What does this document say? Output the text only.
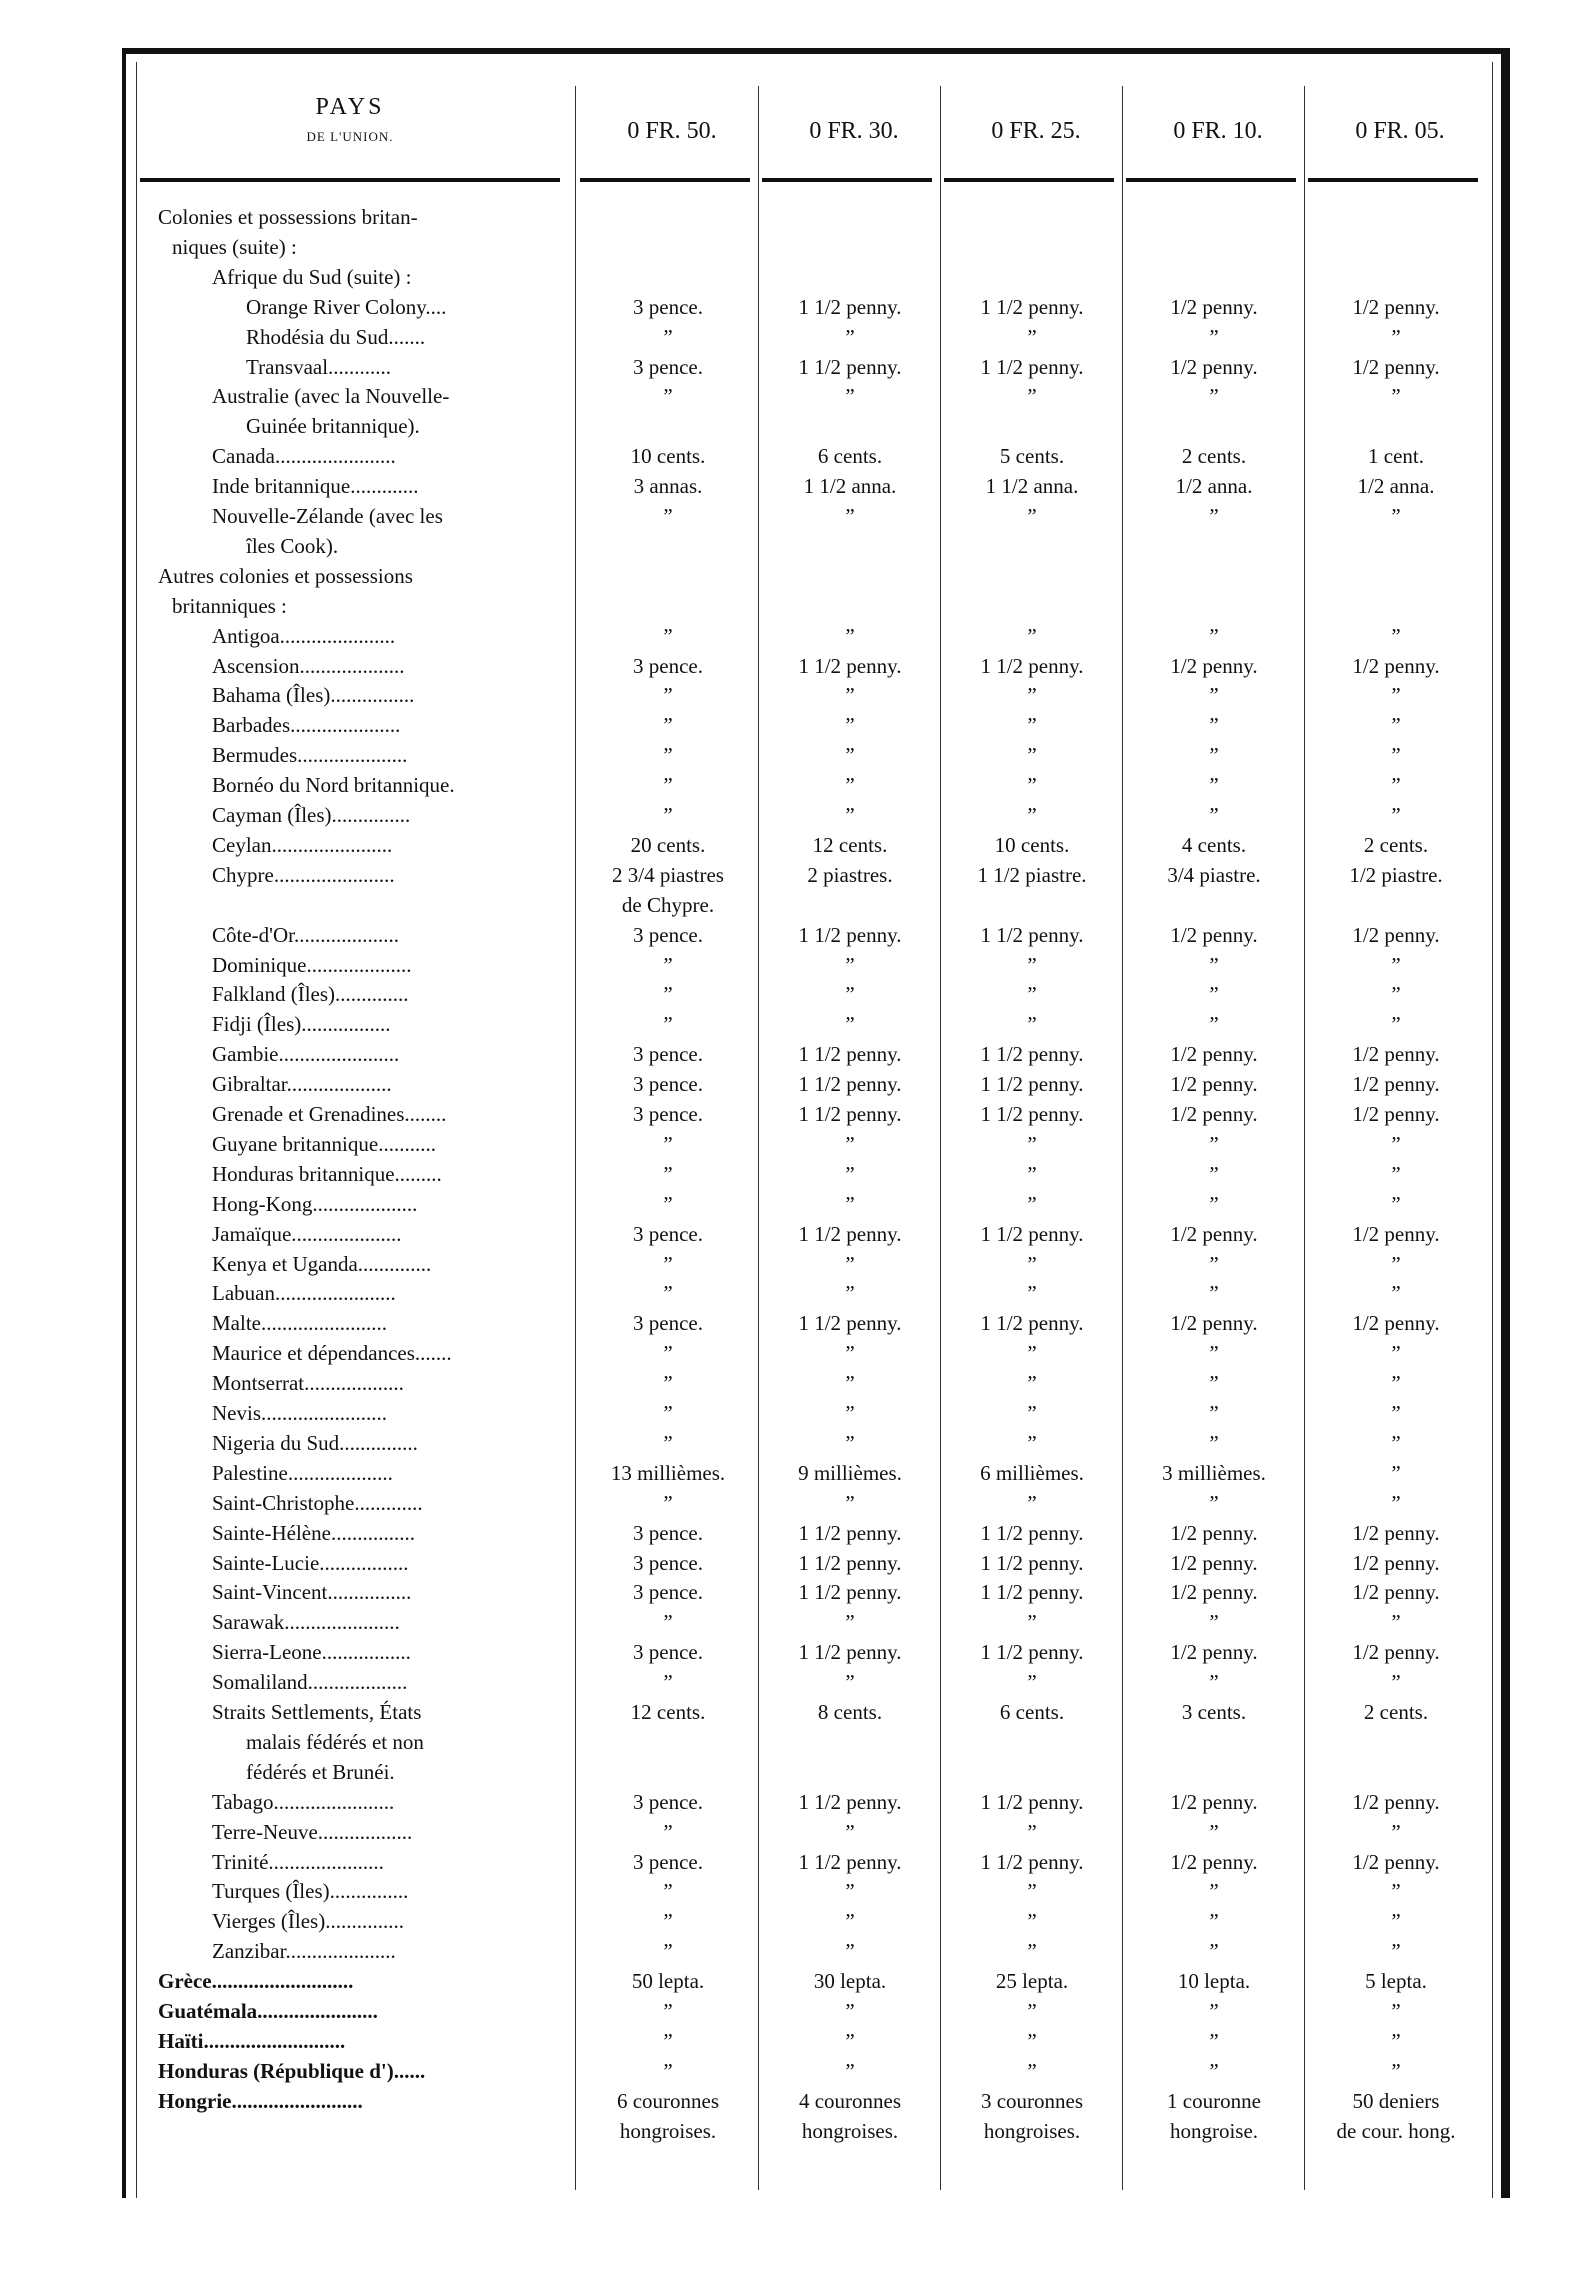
PAYS
DE L'UNION.	0 FR. 50.	0 FR. 30.	0 FR. 25.	0 FR. 10.	0 FR. 05.
Colonies et possessions britan-
niques (suite) :
Afrique du Sud (suite) :
Orange River Colony....	3 pence.	1 1/2 penny.	1 1/2 penny.	1/2 penny.	1/2 penny.
Rhodésia du Sud.......	”	”	”	”	”
Transvaal............	3 pence.	1 1/2 penny.	1 1/2 penny.	1/2 penny.	1/2 penny.
Australie (avec la Nouvelle-	”	”	”	”	”
Guinée britannique).
Canada.......................	10 cents.	6 cents.	5 cents.	2 cents.	1 cent.
Inde britannique.............	3 annas.	1 1/2 anna.	1 1/2 anna.	1/2 anna.	1/2 anna.
Nouvelle-Zélande (avec les	”	”	”	”	”
îles Cook).
Autres colonies et possessions
britanniques :
Antigoa......................	”	”	”	”	”
Ascension....................	3 pence.	1 1/2 penny.	1 1/2 penny.	1/2 penny.	1/2 penny.
Bahama (Îles)................	”	”	”	”	”
Barbades.....................	”	”	”	”	”
Bermudes.....................	”	”	”	”	”
Bornéo du Nord britannique.	”	”	”	”	”
Cayman (Îles)...............	”	”	”	”	”
Ceylan.......................	20 cents.	12 cents.	10 cents.	4 cents.	2 cents.
Chypre.......................	2 3/4 piastres	2 piastres.	1 1/2 piastre.	3/4 piastre.	1/2 piastre.
de Chypre.
Côte-d'Or....................	3 pence.	1 1/2 penny.	1 1/2 penny.	1/2 penny.	1/2 penny.
Dominique....................	”	”	”	”	”
Falkland (Îles)..............	”	”	”	”	”
Fidji (Îles).................	”	”	”	”	”
Gambie.......................	3 pence.	1 1/2 penny.	1 1/2 penny.	1/2 penny.	1/2 penny.
Gibraltar....................	3 pence.	1 1/2 penny.	1 1/2 penny.	1/2 penny.	1/2 penny.
Grenade et Grenadines........	3 pence.	1 1/2 penny.	1 1/2 penny.	1/2 penny.	1/2 penny.
Guyane britannique...........	”	”	”	”	”
Honduras britannique.........	”	”	”	”	”
Hong-Kong....................	”	”	”	”	”
Jamaïque.....................	3 pence.	1 1/2 penny.	1 1/2 penny.	1/2 penny.	1/2 penny.
Kenya et Uganda..............	”	”	”	”	”
Labuan.......................	”	”	”	”	”
Malte........................	3 pence.	1 1/2 penny.	1 1/2 penny.	1/2 penny.	1/2 penny.
Maurice et dépendances.......	”	”	”	”	”
Montserrat...................	”	”	”	”	”
Nevis........................	”	”	”	”	”
Nigeria du Sud...............	”	”	”	”	”
Palestine....................	13 millièmes.	9 millièmes.	6 millièmes.	3 millièmes.	”
Saint-Christophe.............	”	”	”	”	”
Sainte-Hélène................	3 pence.	1 1/2 penny.	1 1/2 penny.	1/2 penny.	1/2 penny.
Sainte-Lucie.................	3 pence.	1 1/2 penny.	1 1/2 penny.	1/2 penny.	1/2 penny.
Saint-Vincent................	3 pence.	1 1/2 penny.	1 1/2 penny.	1/2 penny.	1/2 penny.
Sarawak......................	”	”	”	”	”
Sierra-Leone.................	3 pence.	1 1/2 penny.	1 1/2 penny.	1/2 penny.	1/2 penny.
Somaliland...................	”	”	”	”	”
Straits Settlements, États	12 cents.	8 cents.	6 cents.	3 cents.	2 cents.
malais fédérés et non
fédérés et Brunéi.
Tabago.......................	3 pence.	1 1/2 penny.	1 1/2 penny.	1/2 penny.	1/2 penny.
Terre-Neuve..................	”	”	”	”	”
Trinité......................	3 pence.	1 1/2 penny.	1 1/2 penny.	1/2 penny.	1/2 penny.
Turques (Îles)...............	”	”	”	”	”
Vierges (Îles)...............	”	”	”	”	”
Zanzibar.....................	”	”	”	”	”
Grèce...........................	50 lepta.	30 lepta.	25 lepta.	10 lepta.	5 lepta.
Guatémala.......................	”	”	”	”	”
Haïti...........................	”	”	”	”	”
Honduras (République d')......	”	”	”	”	”
Hongrie.........................	6 couronnes	4 couronnes	3 couronnes	1 couronne	50 deniers
hongroises.	hongroises.	hongroises.	hongroise.	de cour. hong.
